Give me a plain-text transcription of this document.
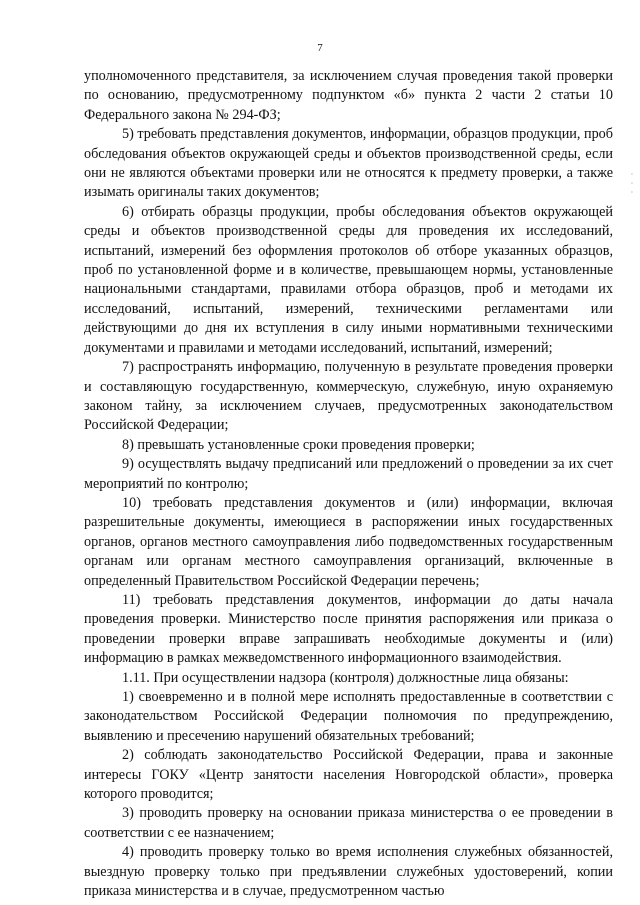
7

уполномоченного представителя, за исключением случая проведения такой проверки по основанию, предусмотренному подпунктом «б» пункта 2 части 2 статьи 10 Федерального закона № 294-ФЗ;

5) требовать представления документов, информации, образцов продукции, проб обследования объектов окружающей среды и объектов производственной среды, если они не являются объектами проверки или не относятся к предмету проверки, а также изымать оригиналы таких документов;

6) отбирать образцы продукции, пробы обследования объектов окружающей среды и объектов производственной среды для проведения их исследований, испытаний, измерений без оформления протоколов об отборе указанных образцов, проб по установленной форме и в количестве, превышающем нормы, установленные национальными стандартами, правилами отбора образцов, проб и методами их исследований, испытаний, измерений, техническими регламентами или действующими до дня их вступления в силу иными нормативными техническими документами и правилами и методами исследований, испытаний, измерений;

7) распространять информацию, полученную в результате проведения проверки и составляющую государственную, коммерческую, служебную, иную охраняемую законом тайну, за исключением случаев, предусмотренных законодательством Российской Федерации;

8) превышать установленные сроки проведения проверки;

9) осуществлять выдачу предписаний или предложений о проведении за их счет мероприятий по контролю;

10) требовать представления документов и (или) информации, включая разрешительные документы, имеющиеся в распоряжении иных государственных органов, органов местного самоуправления либо подведомственных государственным органам или органам местного самоуправления организаций, включенные в определенный Правительством Российской Федерации перечень;

11) требовать представления документов, информации до даты начала проведения проверки. Министерство после принятия распоряжения или приказа о проведении проверки вправе запрашивать необходимые документы и (или) информацию в рамках межведомственного информационного взаимодействия.

1.11. При осуществлении надзора (контроля) должностные лица обязаны:

1) своевременно и в полной мере исполнять предоставленные в соответствии с законодательством Российской Федерации полномочия по предупреждению, выявлению и пресечению нарушений обязательных требований;

2) соблюдать законодательство Российской Федерации, права и законные интересы ГОКУ «Центр занятости населения Новгородской области», проверка которого проводится;

3) проводить проверку на основании приказа министерства о ее проведении в соответствии с ее назначением;

4) проводить проверку только во время исполнения служебных обязанностей, выездную проверку только при предъявлении служебных удостоверений, копии приказа министерства и в случае, предусмотренном частью

·
·
·
